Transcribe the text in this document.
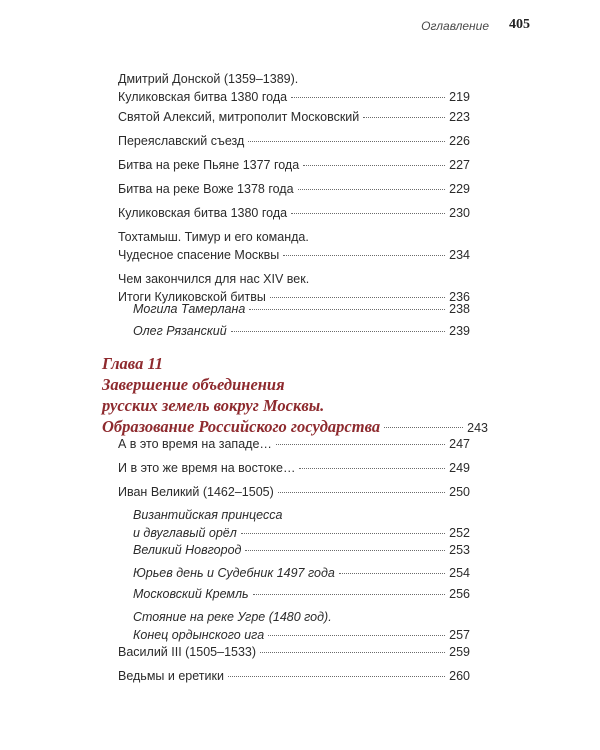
Оглавление 405
Дмитрий Донской (1359–1389).
Куликовская битва 1380 года	219
Святой Алексий, митрополит Московский	223
Переяславский съезд	226
Битва на реке Пьяне 1377 года	227
Битва на реке Воже 1378 года	229
Куликовская битва 1380 года	230
Тохтамыш. Тимур и его команда.
Чудесное спасение Москвы	234
Чем закончился для нас XIV век.
Итоги Куликовской битвы	236
Могила Тамерлана	238
Олег Рязанский	239
Глава 11
Завершение объединения
русских земель вокруг Москвы.
Образование Российского государства	243
А в это время на западе…	247
И в это же время на востоке…	249
Иван Великий (1462–1505)	250
Византийская принцесса
и двуглавый орёл	252
Великий Новгород	253
Юрьев день и Судебник 1497 года	254
Московский Кремль	256
Стояние на реке Угре (1480 год).
Конец ордынского ига	257
Василий III (1505–1533)	259
Ведьмы и еретики	260
